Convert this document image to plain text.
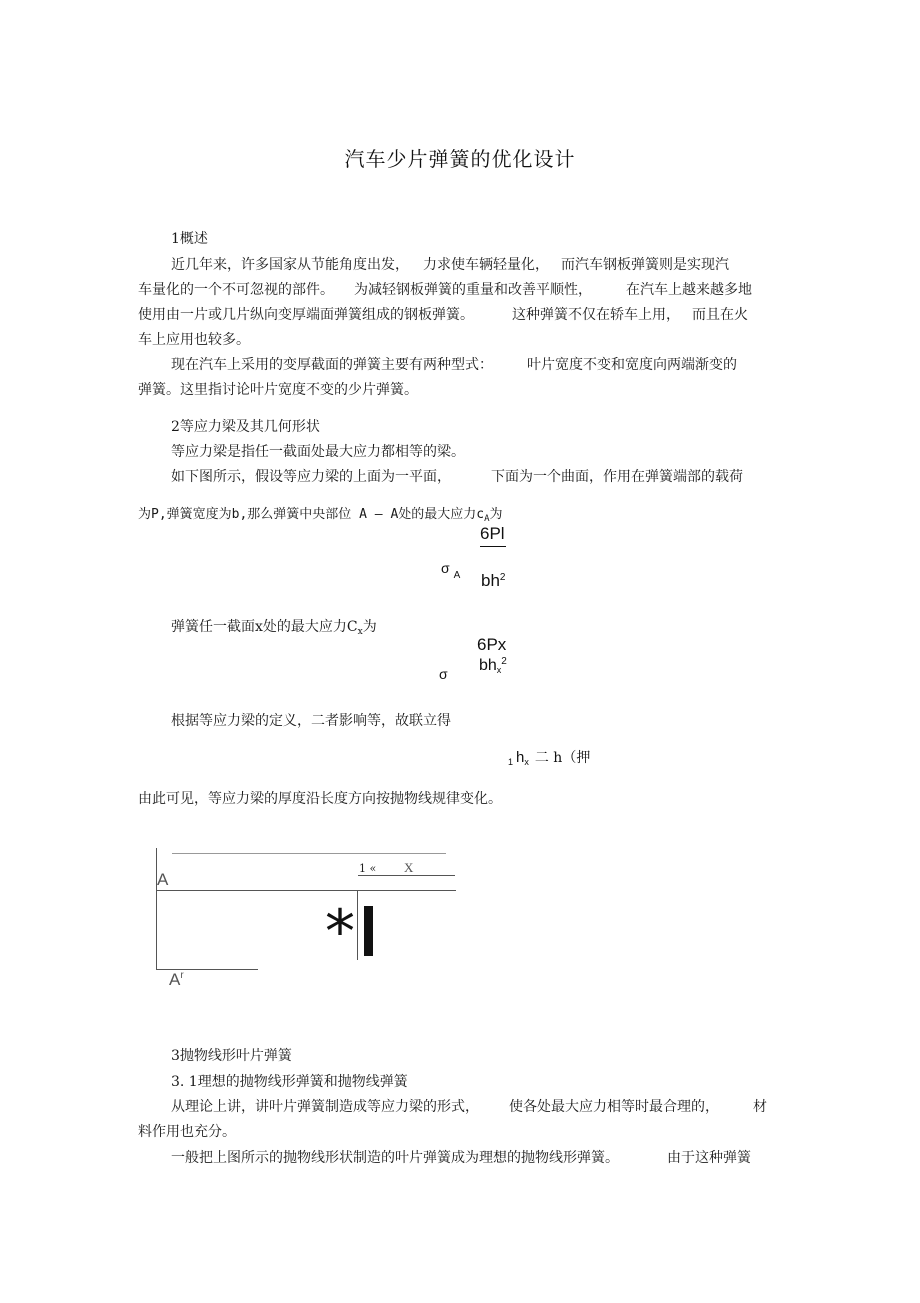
汽车少片弹簧的优化设计
1概述
近几年来，许多国家从节能角度出发， 力求使车辆轻量化， 而汽车钢板弹簧则是实现汽
车量化的一个不可忽视的部件。 为减轻钢板弹簧的重量和改善平顺性， 在汽车上越来越多地
使用由一片或几片纵向变厚端面弹簧组成的钢板弹簧。	这种弹簧不仅在轿车上用， 而且在火
车上应用也较多。
现在汽车上采用的变厚截面的弹簧主要有两种型式： 叶片宽度不变和宽度向两端渐变的
弹簧。这里指讨论叶片宽度不变的少片弹簧。
2等应力梁及其几何形状
等应力梁是指任一截面处最大应力都相等的梁。
如下图所示，假设等应力梁的上面为一平面，	下面为一个曲面，作用在弹簧端部的载荷
为P,弹簧宽度为b,那么弹簧中央部位 A — A处的最大应力$c_A$为
6Pl
σ $_A$ $bh^2$
弹簧任一截面x处的最大应力$C_x$为
6Px
$bh_x^2$
σ
根据等应力梁的定义，二者影响等，故联立得
$_1$ $h_x$ 二 h（押
由此可见，等应力梁的厚度沿长度方向按抛物线规律变化。
A
$A^r$
1 « X
*
3抛物线形叶片弹簧
3. 1理想的抛物线形弹簧和抛物线弹簧
从理论上讲，讲叶片弹簧制造成等应力梁的形式， 使各处最大应力相等时最合理的， 材
料作用也充分。
一般把上图所示的抛物线形状制造的叶片弹簧成为理想的抛物线形弹簧。	由于这种弹簧
